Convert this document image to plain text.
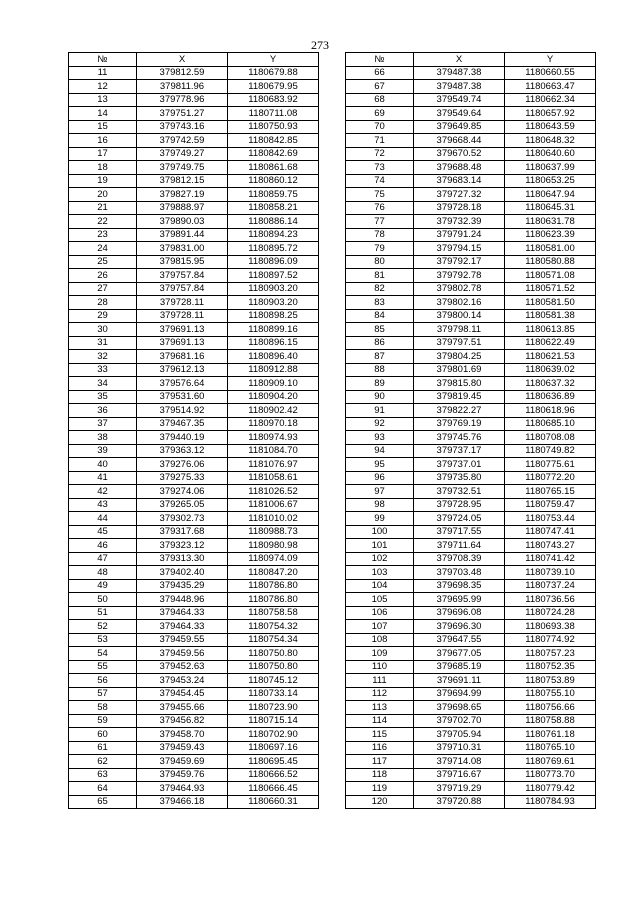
273
№	X	Y
11	379812.59	1180679.88
12	379811.96	1180679.95
13	379778.96	1180683.92
14	379751.27	1180711.08
15	379743.16	1180750.93
16	379742.59	1180842.85
17	379749.27	1180842.69
18	379749.75	1180861.68
19	379812.15	1180860.12
20	379827.19	1180859.75
21	379888.97	1180858.21
22	379890.03	1180886.14
23	379891.44	1180894.23
24	379831.00	1180895.72
25	379815.95	1180896.09
26	379757.84	1180897.52
27	379757.84	1180903.20
28	379728.11	1180903.20
29	379728.11	1180898.25
30	379691.13	1180899.16
31	379691.13	1180896.15
32	379681.16	1180896.40
33	379612.13	1180912.88
34	379576.64	1180909.10
35	379531.60	1180904.20
36	379514.92	1180902.42
37	379467.35	1180970.18
38	379440.19	1180974.93
39	379363.12	1181084.70
40	379276.06	1181076.97
41	379275.33	1181058.61
42	379274.06	1181026.52
43	379265.05	1181006.67
44	379302.73	1181010.02
45	379317.68	1180988.73
46	379323.12	1180980.98
47	379313.30	1180974.09
48	379402.40	1180847.20
49	379435.29	1180786.80
50	379448.96	1180786.80
51	379464.33	1180758.58
52	379464.33	1180754.32
53	379459.55	1180754.34
54	379459.56	1180750.80
55	379452.63	1180750.80
56	379453.24	1180745.12
57	379454.45	1180733.14
58	379455.66	1180723.90
59	379456.82	1180715.14
60	379458.70	1180702.90
61	379459.43	1180697.16
62	379459.69	1180695.45
63	379459.76	1180666.52
64	379464.93	1180666.45
65	379466.18	1180660.31
№	X	Y
66	379487.38	1180660.55
67	379487.38	1180663.47
68	379549.74	1180662.34
69	379549.64	1180657.92
70	379649.85	1180643.59
71	379668.44	1180648.32
72	379670.52	1180640.60
73	379688.48	1180637.99
74	379683.14	1180653.25
75	379727.32	1180647.94
76	379728.18	1180645.31
77	379732.39	1180631.78
78	379791.24	1180623.39
79	379794.15	1180581.00
80	379792.17	1180580.88
81	379792.78	1180571.08
82	379802.78	1180571.52
83	379802.16	1180581.50
84	379800.14	1180581.38
85	379798.11	1180613.85
86	379797.51	1180622.49
87	379804.25	1180621.53
88	379801.69	1180639.02
89	379815.80	1180637.32
90	379819.45	1180636.89
91	379822.27	1180618.96
92	379769.19	1180685.10
93	379745.76	1180708.08
94	379737.17	1180749.82
95	379737.01	1180775.61
96	379735.80	1180772.20
97	379732.51	1180765.15
98	379728.95	1180759.47
99	379724.05	1180753.44
100	379717.55	1180747.41
101	379711.64	1180743.27
102	379708.39	1180741.42
103	379703.48	1180739.10
104	379698.35	1180737.24
105	379695.99	1180736.56
106	379696.08	1180724.28
107	379696.30	1180693.38
108	379647.55	1180774.92
109	379677.05	1180757.23
110	379685.19	1180752.35
111	379691.11	1180753.89
112	379694.99	1180755.10
113	379698.65	1180756.66
114	379702.70	1180758.88
115	379705.94	1180761.18
116	379710.31	1180765.10
117	379714.08	1180769.61
118	379716.67	1180773.70
119	379719.29	1180779.42
120	379720.88	1180784.93
